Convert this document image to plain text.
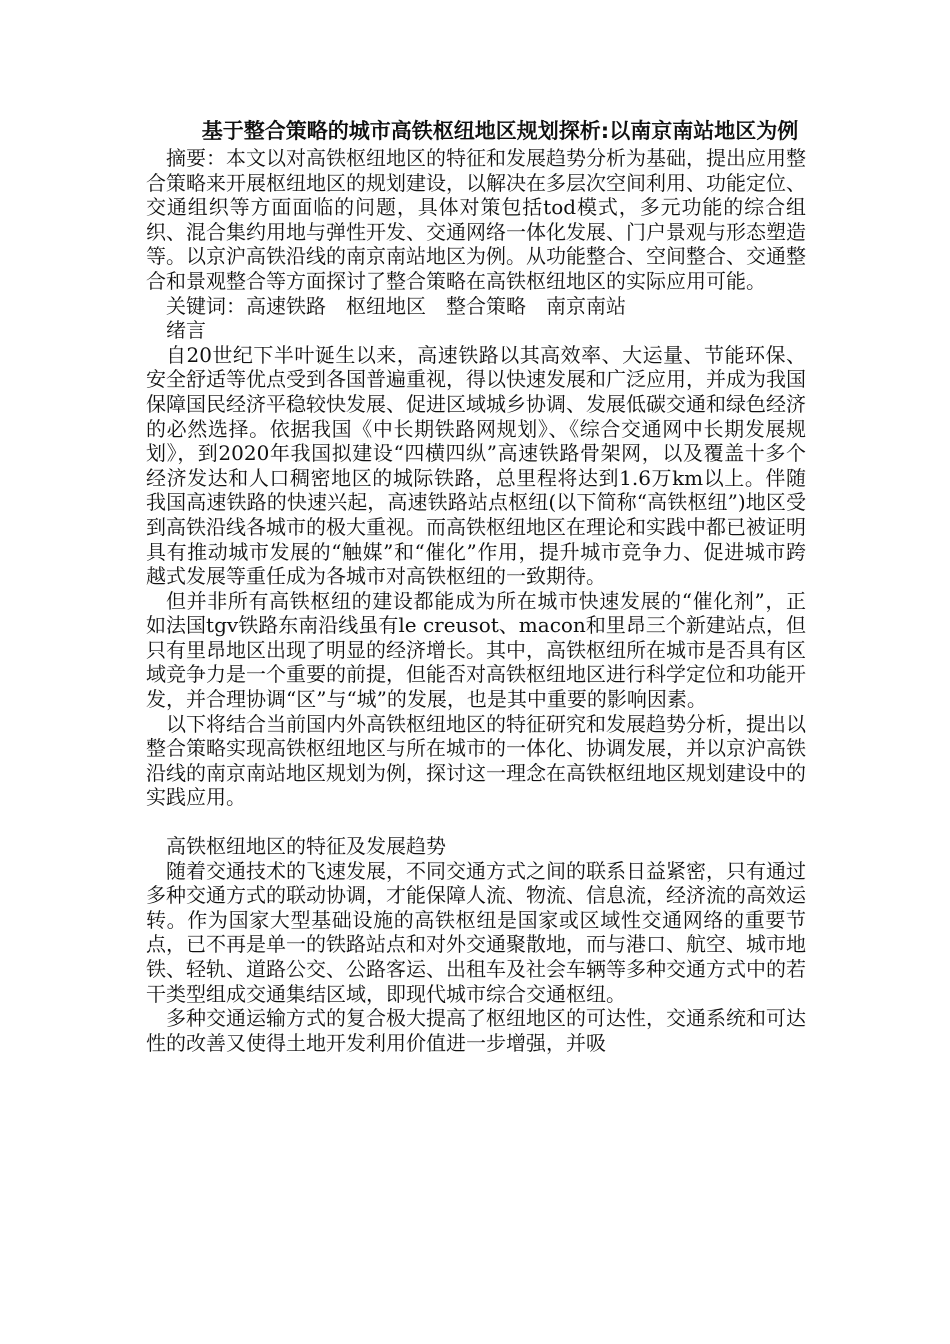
基于整合策略的城市高铁枢纽地区规划探析:以南京南站地区为例

摘要：本文以对高铁枢纽地区的特征和发展趋势分析为基础，提出应用整合策略来开展枢纽地区的规划建设，以解决在多层次空间利用、功能定位、交通组织等方面面临的问题，具体对策包括tod模式，多元功能的综合组织、混合集约用地与弹性开发、交通网络一体化发展、门户景观与形态塑造等。以京沪高铁沿线的南京南站地区为例。从功能整合、空间整合、交通整合和景观整合等方面探讨了整合策略在高铁枢纽地区的实际应用可能。

关键词：高速铁路　枢纽地区　整合策略　南京南站

绪言

自20世纪下半叶诞生以来，高速铁路以其高效率、大运量、节能环保、安全舒适等优点受到各国普遍重视，得以快速发展和广泛应用，并成为我国保障国民经济平稳较快发展、促进区域城乡协调、发展低碳交通和绿色经济的必然选择。依据我国《中长期铁路网规划》、《综合交通网中长期发展规划》，到2020年我国拟建设“四横四纵”高速铁路骨架网，以及覆盖十多个经济发达和人口稠密地区的城际铁路，总里程将达到1.6万km以上。伴随我国高速铁路的快速兴起，高速铁路站点枢纽(以下简称“高铁枢纽”)地区受到高铁沿线各城市的极大重视。而高铁枢纽地区在理论和实践中都已被证明具有推动城市发展的“触媒”和“催化”作用，提升城市竞争力、促进城市跨越式发展等重任成为各城市对高铁枢纽的一致期待。

但并非所有高铁枢纽的建设都能成为所在城市快速发展的“催化剂”，正如法国tgv铁路东南沿线虽有le creusot、macon和里昂三个新建站点，但只有里昂地区出现了明显的经济增长。其中，高铁枢纽所在城市是否具有区域竞争力是一个重要的前提，但能否对高铁枢纽地区进行科学定位和功能开发，并合理协调“区”与“城”的发展，也是其中重要的影响因素。

以下将结合当前国内外高铁枢纽地区的特征研究和发展趋势分析，提出以整合策略实现高铁枢纽地区与所在城市的一体化、协调发展，并以京沪高铁沿线的南京南站地区规划为例，探讨这一理念在高铁枢纽地区规划建设中的实践应用。

高铁枢纽地区的特征及发展趋势

随着交通技术的飞速发展，不同交通方式之间的联系日益紧密，只有通过多种交通方式的联动协调，才能保障人流、物流、信息流，经济流的高效运转。作为国家大型基础设施的高铁枢纽是国家或区域性交通网络的重要节点，已不再是单一的铁路站点和对外交通聚散地，而与港口、航空、城市地铁、轻轨、道路公交、公路客运、出租车及社会车辆等多种交通方式中的若干类型组成交通集结区域，即现代城市综合交通枢纽。

多种交通运输方式的复合极大提高了枢纽地区的可达性，交通系统和可达性的改善又使得土地开发利用价值进一步增强，并吸
